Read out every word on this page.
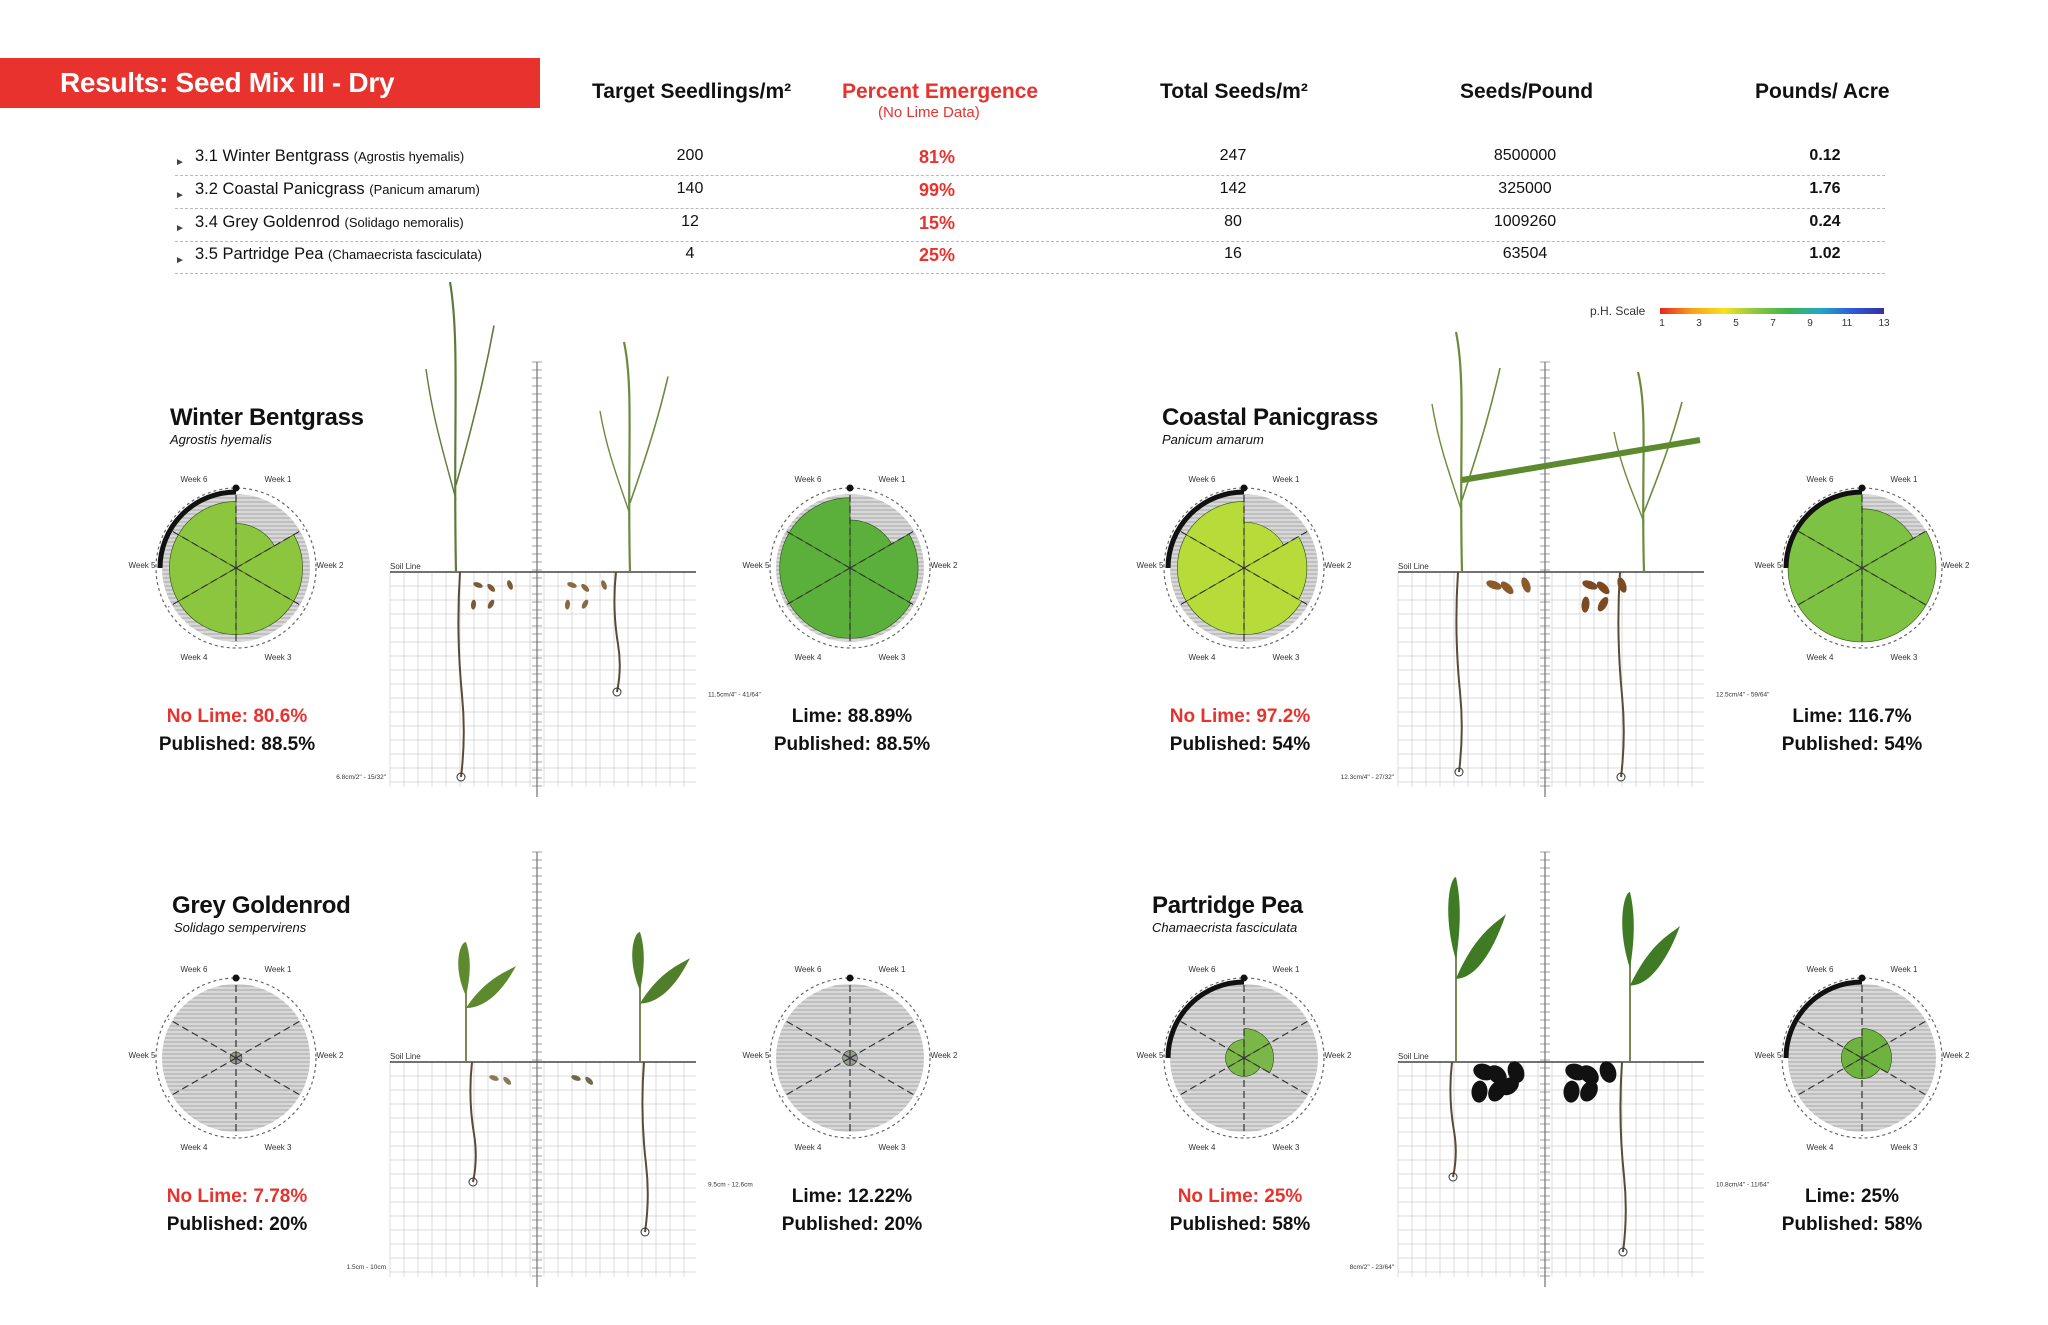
Results: Seed Mix III - Dry Specialists
Target Seedlings/m² Percent Emergence
(No Lime Data)
Total Seeds/m²	Seeds/Pound	Pounds/ Acre
► 3.1 Winter Bentgrass (Agrostis hyemalis)	200	81%	247	8500000	0.12
► 3.2 Coastal Panicgrass (Panicum amarum)	140	99%	142	325000	1.76
► 3.4 Grey Goldenrod (Solidago nemoralis)	12	15%	80	1009260	0.24
► 3.5 Partridge Pea (Chamaecrista fasciculata)	4	25%	16	63504	1.02
p.H. Scale
1	3	5	7	9	11	13
Winter Bentgrass
Agrostis hyemalis
Coastal Panicgrass
Panicum amarum
Grey Goldenrod
Solidago sempervirens
Partridge Pea
Chamaecrista fasciculata
No Lime: 80.6%
Published: 88.5%
Lime: 88.89%
Published: 88.5%
No Lime: 97.2%
Published: 54%
Lime: 116.7%
Published: 54%
No Lime: 7.78%
Published: 20%
Lime: 12.22%
Published: 20%
No Lime: 25%
Published: 58%
Lime: 25%
Published: 58%
Week 1
Week 2
Week 3
Week 4
Week 5
Week 6	Week 1
Week 2
Week 3
Week 4
Week 5
Week 6
Soil Line
6.8cm/2" - 15/32"
11.5cm/4" - 41/64"
Week 1
Week 2
Week 3
Week 4
Week 5
Week 6	Week 1
Week 2
Week 3
Week 4
Week 5
Week 6
Soil Line
12.3cm/4" - 27/32"
12.5cm/4" - 59/64"
Week 1
Week 2
Week 3
Week 4
Week 5
Week 6	Week 1
Week 2
Week 3
Week 4
Week 5
Week 6
Soil Line
1.5cm - 10cm
9.5cm - 12.6cm
Week 1
Week 2
Week 3
Week 4
Week 5
Week 6	Week 1
Week 2
Week 3
Week 4
Week 5
Week 6
Soil Line
8cm/2" - 23/64"
10.8cm/4" - 11/64"
